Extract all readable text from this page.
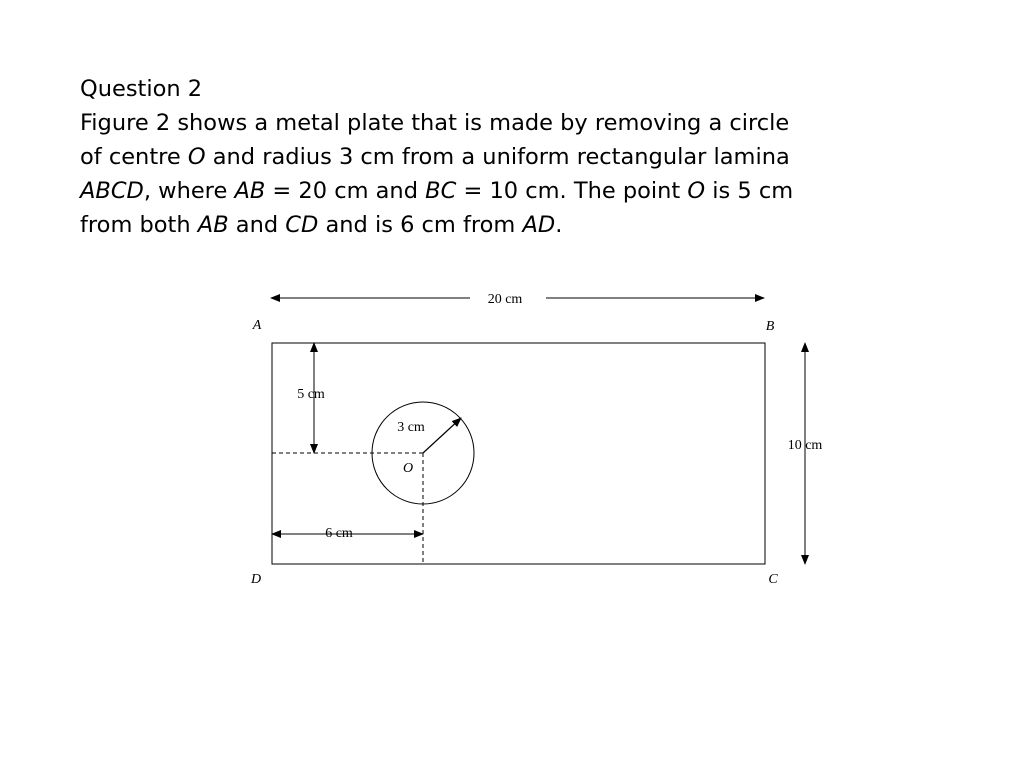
Question 2
Figure 2 shows a metal plate that is made by removing a circle
of centre O and radius 3 cm from a uniform rectangular lamina
ABCD, where AB = 20 cm and BC = 10 cm. The point O is 5 cm
from both AB and CD and is 6 cm from AD.
20 cm
10 cm
5 cm
6 cm
3 cm
A	B
C
D
O
